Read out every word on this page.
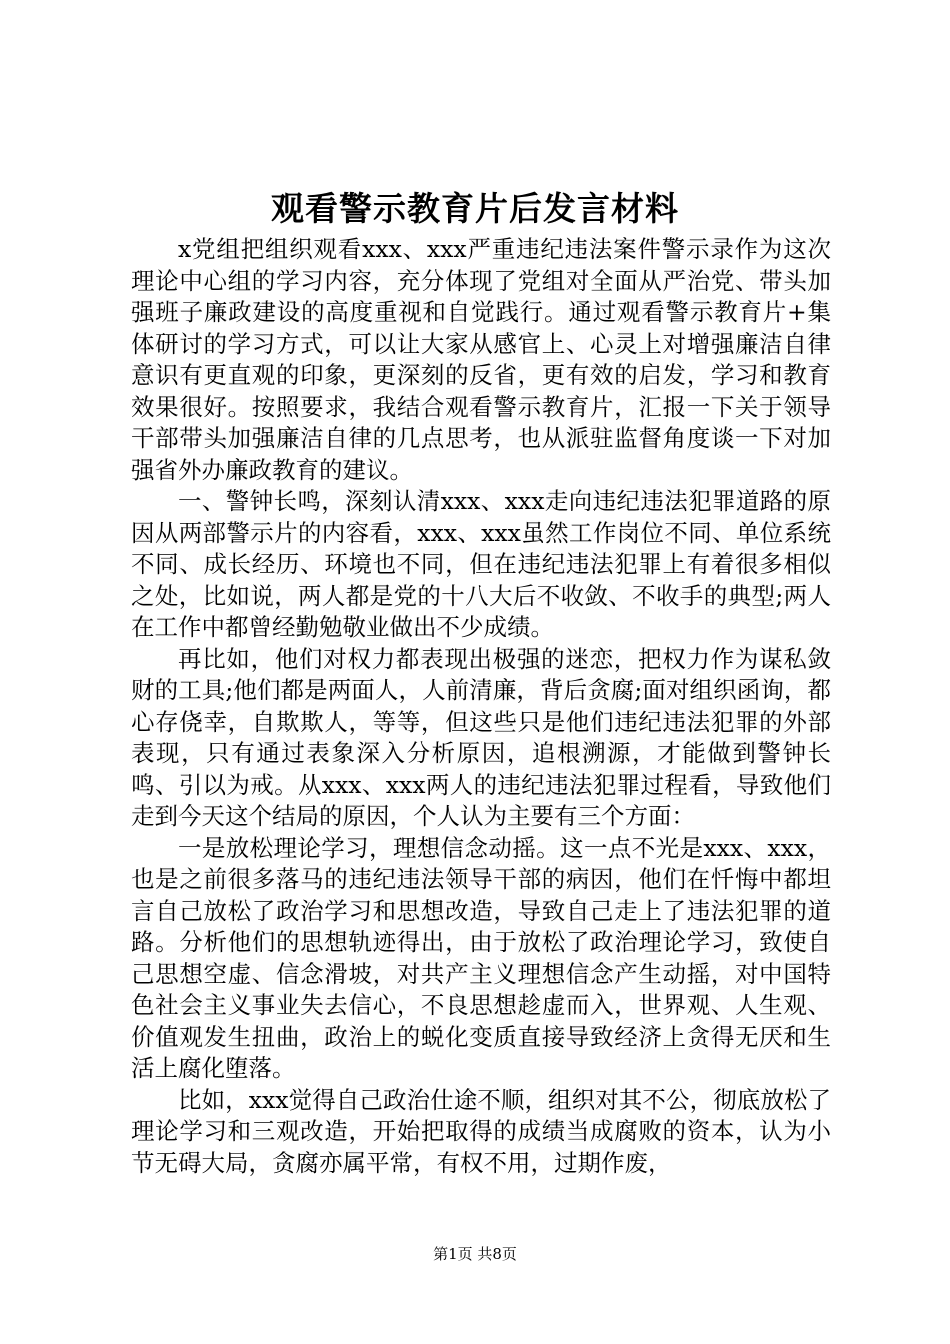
观看警示教育片后发言材料

x党组把组织观看xxx、xxx严重违纪违法案件警示录作为这次理论中心组的学习内容，充分体现了党组对全面从严治党、带头加强班子廉政建设的高度重视和自觉践行。通过观看警示教育片+集体研讨的学习方式，可以让大家从感官上、心灵上对增强廉洁自律意识有更直观的印象，更深刻的反省，更有效的启发，学习和教育效果很好。按照要求，我结合观看警示教育片，汇报一下关于领导干部带头加强廉洁自律的几点思考，也从派驻监督角度谈一下对加强省外办廉政教育的建议。

一、警钟长鸣，深刻认清xxx、xxx走向违纪违法犯罪道路的原因从两部警示片的内容看，xxx、xxx虽然工作岗位不同、单位系统不同、成长经历、环境也不同，但在违纪违法犯罪上有着很多相似之处，比如说，两人都是党的十八大后不收敛、不收手的典型;两人在工作中都曾经勤勉敬业做出不少成绩。

再比如，他们对权力都表现出极强的迷恋，把权力作为谋私敛财的工具;他们都是两面人，人前清廉，背后贪腐;面对组织函询，都心存侥幸，自欺欺人，等等，但这些只是他们违纪违法犯罪的外部表现，只有通过表象深入分析原因，追根溯源，才能做到警钟长鸣、引以为戒。从xxx、xxx两人的违纪违法犯罪过程看，导致他们走到今天这个结局的原因，个人认为主要有三个方面：

一是放松理论学习，理想信念动摇。这一点不光是xxx、xxx，也是之前很多落马的违纪违法领导干部的病因，他们在忏悔中都坦言自己放松了政治学习和思想改造，导致自己走上了违法犯罪的道路。分析他们的思想轨迹得出，由于放松了政治理论学习，致使自己思想空虚、信念滑坡，对共产主义理想信念产生动摇，对中国特色社会主义事业失去信心，不良思想趁虚而入，世界观、人生观、价值观发生扭曲，政治上的蜕化变质直接导致经济上贪得无厌和生活上腐化堕落。

比如，xxx觉得自己政治仕途不顺，组织对其不公，彻底放松了理论学习和三观改造，开始把取得的成绩当成腐败的资本，认为小节无碍大局，贪腐亦属平常，有权不用，过期作废，

第1页 共8页
